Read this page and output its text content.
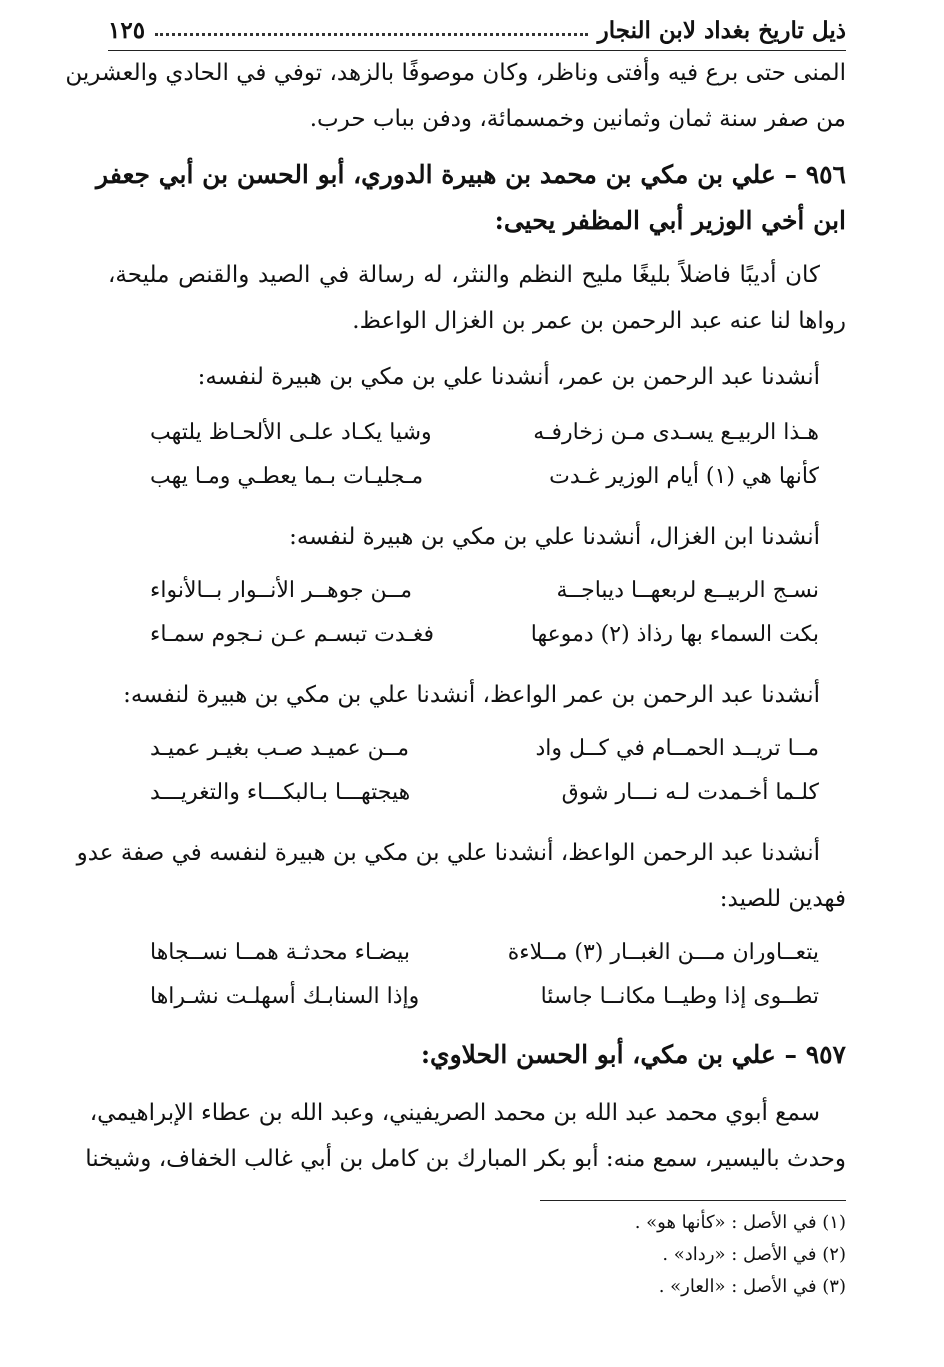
ذيل تاريخ بغداد لابن النجار
١٢٥
المنى حتى برع فيه وأفتى وناظر، وكان موصوفًا بالزهد، توفي في الحادي والعشرين
من صفر سنة ثمان وثمانين وخمسمائة، ودفن بباب حرب.
٩٥٦ – علي بن مكي بن محمد بن هبيرة الدوري، أبو الحسن بن أبي جعفر
ابن أخي الوزير أبي المظفر يحيى:
كان أديبًا فاضلاً بليغًا مليح النظم والنثر، له رسالة في الصيد والقنص مليحة،
رواها لنا عنه عبد الرحمن بن عمر بن الغزال الواعظ.
أنشدنا عبد الرحمن بن عمر، أنشدنا علي بن مكي بن هبيرة لنفسه:
هـذا الربيـع يسـدى مـن زخارفـه
وشيا يكـاد علـى الألحـاظ يلتهب
كأنها هي (١) أيام الوزير غـدت
مـجليـات بـما يعطـي ومـا يهب
أنشدنا ابن الغزال، أنشدنا علي بن مكي بن هبيرة لنفسه:
نسـج الربيــع لربعهــا ديباجــة
مــن جوهــر الأنــوار بــالأنواء
بكت السماء بها رذاذ (٢) دموعها
فغـدت تبسـم عـن نـجوم سمـاء
أنشدنا عبد الرحمن بن عمر الواعظ، أنشدنا علي بن مكي بن هبيرة لنفسه:
مــا تريــد الحمــام في كــل واد
مــن عميـد صـب بغيـر عميـد
كلـما أخـمدت لـه نـــار شوق
هيجتهـــا بـالبكـــاء والتغريـــد
أنشدنا عبد الرحمن الواعظ، أنشدنا علي بن مكي بن هبيرة لنفسه في صفة عدو
فهدين للصيد:
يتعــاوران مـــن الغبــار (٣) مــلاءة
بيضـاء محدثـة همــا نســجاها
تطــوى إذا وطيــا مكانــا جاسئا
وإذا السنابـك أسهلـت نشـراها
٩٥٧ – علي بن مكي، أبو الحسن الحلاوي:
سمع أبوي محمد عبد الله بن محمد الصريفيني، وعبد الله بن عطاء الإبراهيمي،
وحدث باليسير، سمع منه: أبو بكر المبارك بن كامل بن أبي غالب الخفاف، وشيخنا
(١) في الأصل : «كأنها هو» .
(٢) في الأصل : «رداد» .
(٣) في الأصل : «العار» .
